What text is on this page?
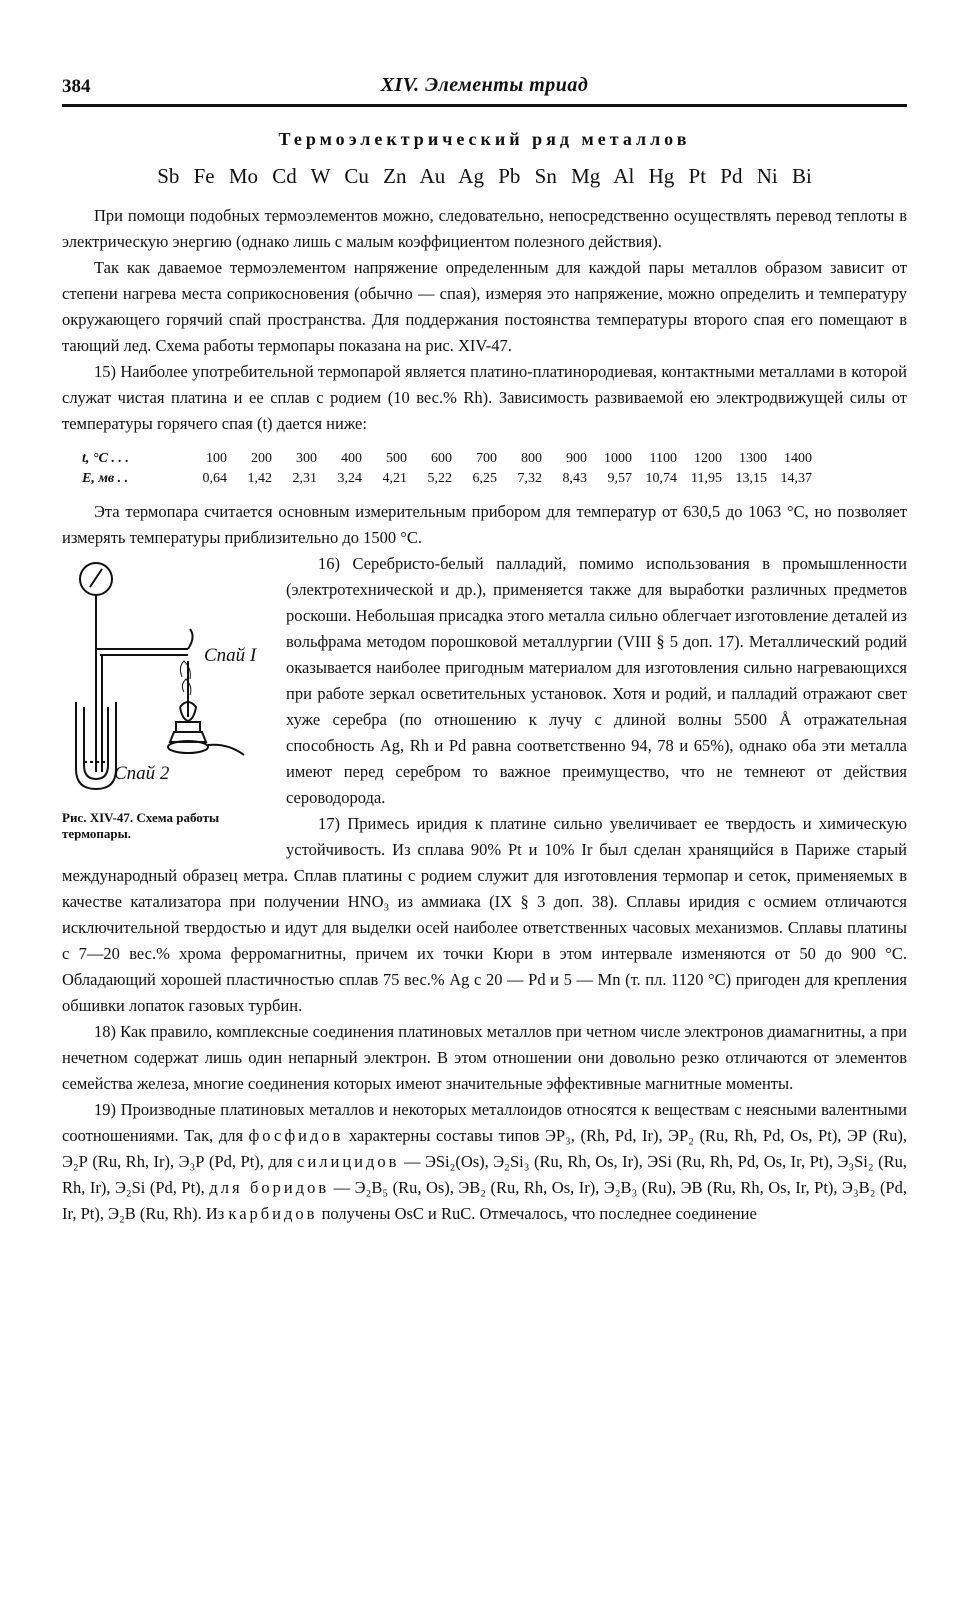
384	XIV. Элементы триад
Термоэлектрический ряд металлов
Sb Fe Mo Cd W Cu Zn Au Ag Pb Sn Mg Al Hg Pt Pd Ni Bi

При помощи подобных термоэлементов можно, следовательно, непосредственно осуществлять перевод теплоты в электрическую энергию (однако лишь с малым коэффициентом полезного действия).

Так как даваемое термоэлементом напряжение определенным для каждой пары металлов образом зависит от степени нагрева места соприкосновения (обычно — спая), измеряя это напряжение, можно определить и температуру окружающего горячий спай пространства. Для поддержания постоянства температуры второго спая его помещают в тающий лед. Схема работы термопары показана на рис. XIV-47.

15) Наиболее употребительной термопарой является платино-платинородиевая, контактными металлами в которой служат чистая платина и ее сплав с родием (10 вес.% Rh). Зависимость развиваемой ею электродвижущей силы от температуры горячего спая (t) дается ниже:

t, °С . . .	100	200	300	400	500	600	700	800	900	1000	1100	1200	1300	1400
E, мв . .	0,64	1,42	2,31	3,24	4,21	5,22	6,25	7,32	8,43	9,57	10,74	11,95	13,15	14,37

Эта термопара считается основным измерительным прибором для температур от 630,5 до 1063 °С, но позволяет измерять температуры приблизительно до 1500 °С.

Спай I
Спай 2
Рис. XIV-47. Схема работы термопары.

16) Серебристо-белый палладий, помимо использования в промышленности (электротехнической и др.), применяется также для выработки различных предметов роскоши. Небольшая присадка этого металла сильно облегчает изготовление деталей из вольфрама методом порошковой металлургии (VIII § 5 доп. 17). Металлический родий оказывается наиболее пригодным материалом для изготовления сильно нагревающихся при работе зеркал осветительных установок. Хотя и родий, и палладий отражают свет хуже серебра (по отношению к лучу с длиной волны 5500 Å отражательная способность Ag, Rh и Pd равна соответственно 94, 78 и 65%), однако оба эти металла имеют перед серебром то важное преимущество, что не темнеют от действия сероводорода.

17) Примесь иридия к платине сильно увеличивает ее твердость и химическую устойчивость. Из сплава 90% Pt и 10% Ir был сделан хранящийся в Париже старый международный образец метра. Сплав платины с родием служит для изготовления термопар и сеток, применяемых в качестве катализатора при получении HNO₃ из аммиака (IX § 3 доп. 38). Сплавы иридия с осмием отличаются исключительной твердостью и идут для выделки осей наиболее ответственных часовых механизмов. Сплавы платины с 7—20 вес.% хрома ферромагнитны, причем их точки Кюри в этом интервале изменяются от 50 до 900 °С. Обладающий хорошей пластичностью сплав 75 вес.% Ag с 20 — Pd и 5 — Mn (т. пл. 1120 °С) пригоден для крепления обшивки лопаток газовых турбин.

18) Как правило, комплексные соединения платиновых металлов при четном числе электронов диамагнитны, а при нечетном содержат лишь один непарный электрон. В этом отношении они довольно резко отличаются от элементов семейства железа, многие соединения которых имеют значительные эффективные магнитные моменты.

19) Производные платиновых металлов и некоторых металлоидов относятся к веществам с неясными валентными соотношениями. Так, для фосфидов характерны составы типов ЭР₃, (Rh, Pd, Ir), ЭР₂ (Ru, Rh, Pd, Os, Pt), ЭР (Ru), Э₂Р (Ru, Rh, Ir), Э₃Р (Pd, Pt), для силицидов — ЭSi₂(Os), Э₂Si₃ (Ru, Rh, Os, Ir), ЭSi (Ru, Rh, Pd, Os, Ir, Pt), Э₃Si₂ (Ru, Rh, Ir), Э₂Si (Pd, Pt), для боридов — Э₂B₅ (Ru, Os), ЭB₂ (Ru, Rh, Os, Ir), Э₂B₃ (Ru), ЭB (Ru, Rh, Os, Ir, Pt), Э₃B₂ (Pd, Ir, Pt), Э₂B (Ru, Rh). Из карбидов получены OsC и RuC. Отмечалось, что последнее соединение
